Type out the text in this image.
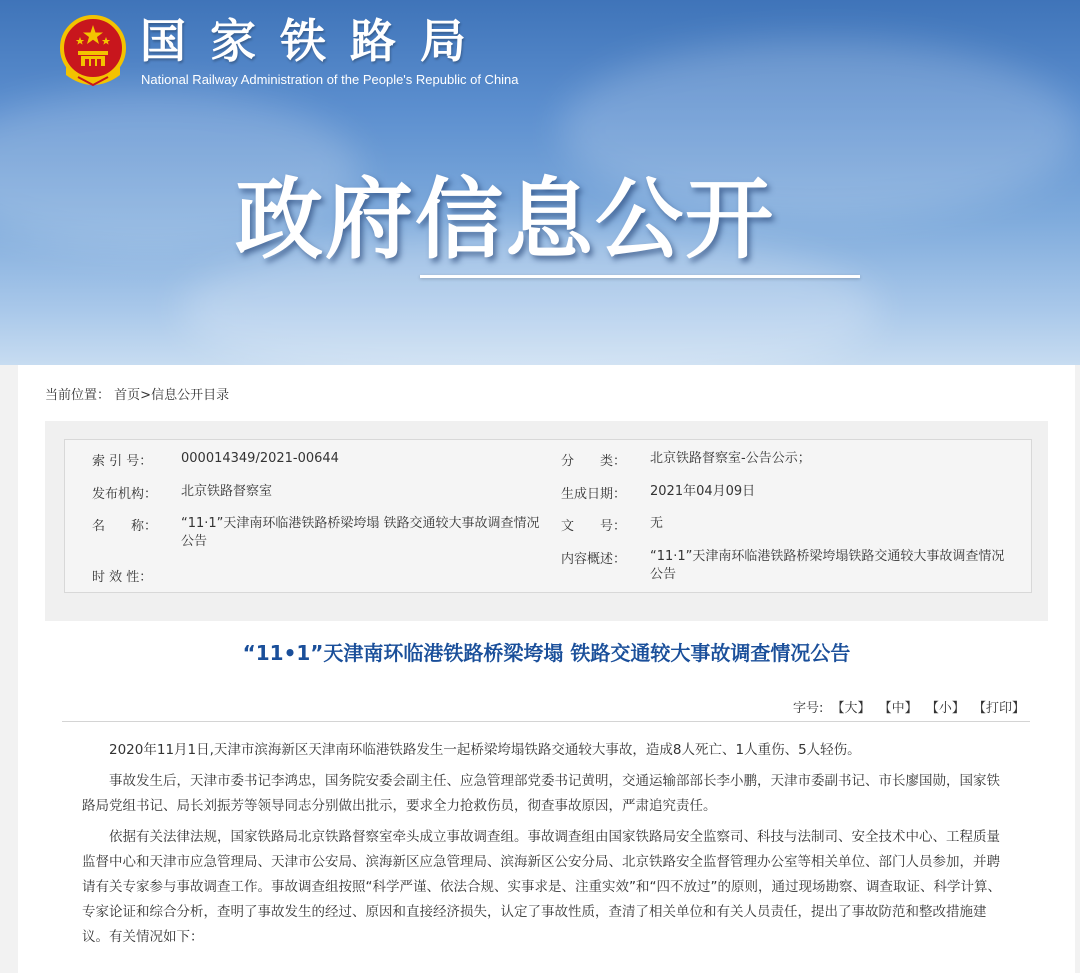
国家铁路局
National Railway Administration of the People's Republic of China
政府信息公开
当前位置： 首页>信息公开目录
索 引 号： 000014349/2021-00644
发布机构： 北京铁路督察室
名　　称： “11·1”天津南环临港铁路桥梁垮塌 铁路交通较大事故调查情况公告
时 效 性：
分　　类： 北京铁路督察室-公告公示；
生成日期： 2021年04月09日
文　　号： 无
内容概述： “11·1”天津南环临港铁路桥梁垮塌铁路交通较大事故调查情况公告
“11•1”天津南环临港铁路桥梁垮塌 铁路交通较大事故调查情况公告
字号: 【大】 【中】 【小】 【打印】

2020年11月1日,天津市滨海新区天津南环临港铁路发生一起桥梁垮塌铁路交通较大事故，造成8人死亡、1人重伤、5人轻伤。

事故发生后，天津市委书记李鸿忠，国务院安委会副主任、应急管理部党委书记黄明，交通运输部部长李小鹏，天津市委副书记、市长廖国勋，国家铁路局党组书记、局长刘振芳等领导同志分别做出批示，要求全力抢救伤员，彻查事故原因，严肃追究责任。

依据有关法律法规，国家铁路局北京铁路督察室牵头成立事故调查组。事故调查组由国家铁路局安全监察司、科技与法制司、安全技术中心、工程质量监督中心和天津市应急管理局、天津市公安局、滨海新区应急管理局、滨海新区公安分局、北京铁路安全监督管理办公室等相关单位、部门人员参加，并聘请有关专家参与事故调查工作。事故调查组按照“科学严谨、依法合规、实事求是、注重实效”和“四不放过”的原则，通过现场勘察、调查取证、科学计算、专家论证和综合分析，查明了事故发生的经过、原因和直接经济损失，认定了事故性质，查清了相关单位和有关人员责任，提出了事故防范和整改措施建议。有关情况如下：
